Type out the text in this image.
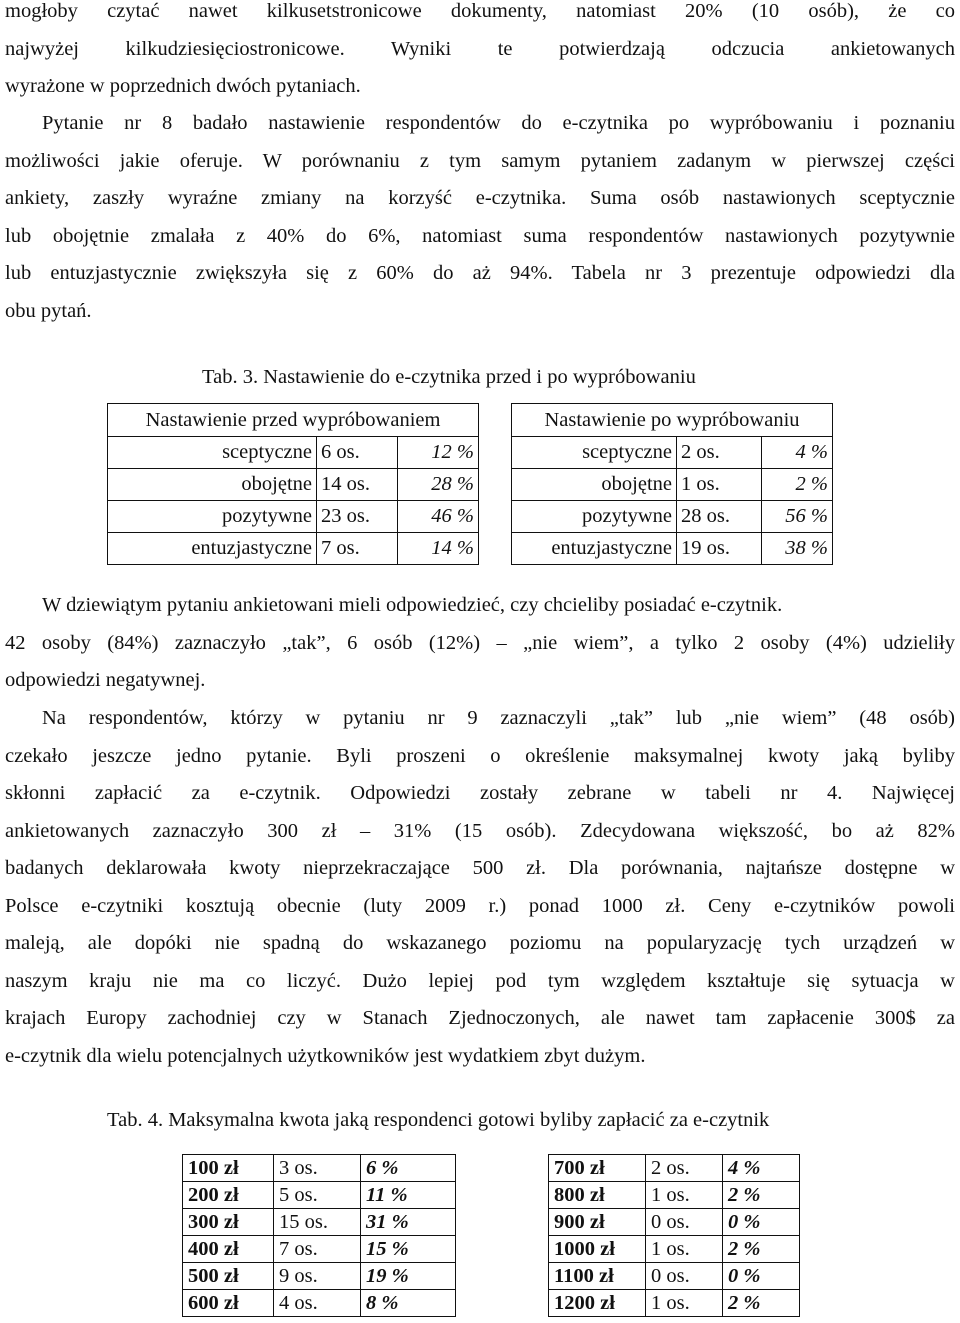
mogłoby czytać nawet kilkusetstronicowe dokumenty, natomiast 20% (10 osób), że co
najwyżej kilkudziesięciostronicowe. Wyniki te potwierdzają odczucia ankietowanych
wyrażone w poprzednich dwóch pytaniach.
Pytanie nr 8 badało nastawienie respondentów do e-czytnika po wypróbowaniu i poznaniu
możliwości jakie oferuje. W porównaniu z tym samym pytaniem zadanym w pierwszej części
ankiety, zaszły wyraźne zmiany na korzyść e-czytnika. Suma osób nastawionych sceptycznie
lub obojętnie zmalała z 40% do 6%, natomiast suma respondentów nastawionych pozytywnie
lub entuzjastycznie zwiększyła się z 60% do aż 94%. Tabela nr 3 prezentuje odpowiedzi dla
obu pytań.
Tab. 3. Nastawienie do e-czytnika przed i po wypróbowaniu
Nastawienie przed wypróbowaniem				Nastawienie po wypróbowaniu		
sceptyczne	6 os.	12 %		sceptyczne	2 os.	4 %
obojętne	14 os.	28 %		obojętne	1 os.	2 %
pozytywne	23 os.	46 %		pozytywne	28 os.	56 %
entuzjastyczne	7 os.	14 %		entuzjastyczne	19 os.	38 %
W dziewiątym pytaniu ankietowani mieli odpowiedzieć, czy chcieliby posiadać e-czytnik.
42 osoby (84%) zaznaczyło „tak”, 6 osób (12%) – „nie wiem”, a tylko 2 osoby (4%) udzieliły
odpowiedzi negatywnej.
Na respondentów, którzy w pytaniu nr 9 zaznaczyli „tak” lub „nie wiem” (48 osób)
czekało jeszcze jedno pytanie. Byli proszeni o określenie maksymalnej kwoty jaką byliby
skłonni zapłacić za e-czytnik. Odpowiedzi zostały zebrane w tabeli nr 4. Najwięcej
ankietowanych zaznaczyło 300 zł – 31% (15 osób). Zdecydowana większość, bo aż 82%
badanych deklarowała kwoty nieprzekraczające 500 zł. Dla porównania, najtańsze dostępne w
Polsce e-czytniki kosztują obecnie (luty 2009 r.) ponad 1000 zł. Ceny e-czytników powoli
maleją, ale dopóki nie spadną do wskazanego poziomu na popularyzację tych urządzeń w
naszym kraju nie ma co liczyć. Dużo lepiej pod tym względem kształtuje się sytuacja w
krajach Europy zachodniej czy w Stanach Zjednoczonych, ale nawet tam zapłacenie 300$ za
e-czytnik dla wielu potencjalnych użytkowników jest wydatkiem zbyt dużym.
Tab. 4. Maksymalna kwota jaką respondenci gotowi byliby zapłacić za e-czytnik
100 zł	3 os.	6 %		700 zł	2 os.	4 %
200 zł	5 os.	11 %		800 zł	1 os.	2 %
300 zł	15 os.	31 %		900 zł	0 os.	0 %
400 zł	7 os.	15 %		1000 zł	1 os.	2 %
500 zł	9 os.	19 %		1100 zł	0 os.	0 %
600 zł	4 os.	8 %		1200 zł	1 os.	2 %
